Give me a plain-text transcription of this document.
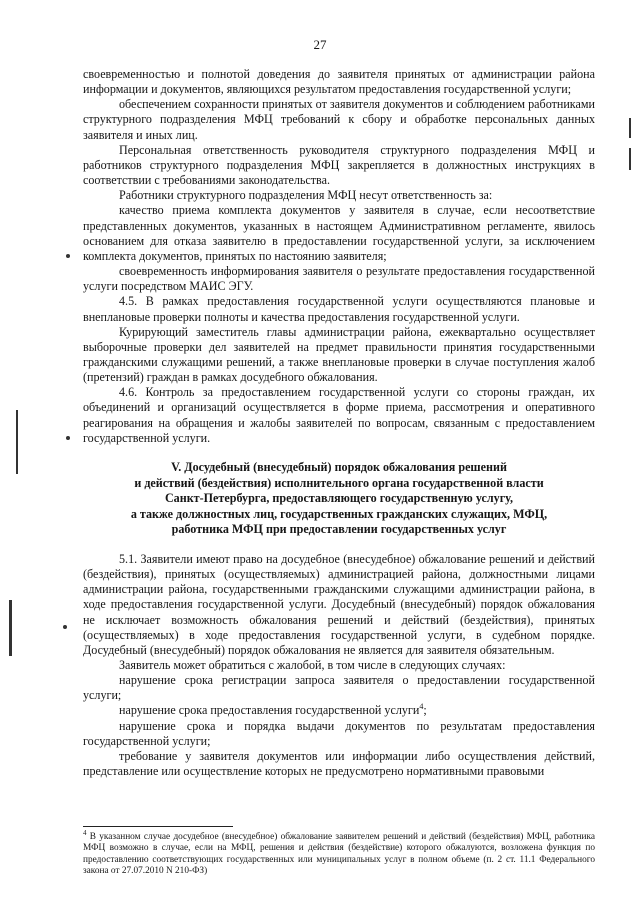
27

своевременностью и полнотой доведения до заявителя принятых от администрации района информации и документов, являющихся результатом предоставления государственной услуги;

обеспечением сохранности принятых от заявителя документов и соблюдением работниками структурного подразделения МФЦ требований к сбору и обработке персональных данных заявителя и иных лиц.

Персональная ответственность руководителя структурного подразделения МФЦ и работников структурного подразделения МФЦ закрепляется в должностных инструкциях в соответствии с требованиями законодательства.

Работники структурного подразделения МФЦ несут ответственность за:

качество приема комплекта документов у заявителя в случае, если несоответствие представленных документов, указанных в настоящем Административном регламенте, явилось основанием для отказа заявителю в предоставлении государственной услуги, за исключением комплекта документов, принятых по настоянию заявителя;

своевременность информирования заявителя о результате предоставления государственной услуги посредством МАИС ЭГУ.

4.5. В рамках предоставления государственной услуги осуществляются плановые и внеплановые проверки полноты и качества предоставления государственной услуги.

Курирующий заместитель главы администрации района, ежеквартально осуществляет выборочные проверки дел заявителей на предмет правильности принятия государственными гражданскими служащими решений, а также внеплановые проверки в случае поступления жалоб (претензий) граждан в рамках досудебного обжалования.

4.6. Контроль за предоставлением государственной услуги со стороны граждан, их объединений и организаций осуществляется в форме приема, рассмотрения и оперативного реагирования на обращения и жалобы заявителей по вопросам, связанным с предоставлением государственной услуги.

V. Досудебный (внесудебный) порядок обжалования решений
и действий (бездействия) исполнительного органа государственной власти
Санкт-Петербурга, предоставляющего государственную услугу,
а также должностных лиц, государственных гражданских служащих, МФЦ,
работника МФЦ при предоставлении государственных услуг

5.1. Заявители имеют право на досудебное (внесудебное) обжалование решений и действий (бездействия), принятых (осуществляемых) администрацией района, должностными лицами администрации района, государственными гражданскими служащими администрации района, в ходе предоставления государственной услуги. Досудебный (внесудебный) порядок обжалования не исключает возможность обжалования решений и действий (бездействия), принятых (осуществляемых) в ходе предоставления государственной услуги, в судебном порядке. Досудебный (внесудебный) порядок обжалования не является для заявителя обязательным.

Заявитель может обратиться с жалобой, в том числе в следующих случаях:

нарушение срока регистрации запроса заявителя о предоставлении государственной услуги;

нарушение срока предоставления государственной услуги$^4$;

нарушение срока и порядка выдачи документов по результатам предоставления государственной услуги;

требование у заявителя документов или информации либо осуществления действий, представление или осуществление которых не предусмотрено нормативными правовыми

$^4$ В указанном случае досудебное (внесудебное) обжалование заявителем решений и действий (бездействия) МФЦ, работника МФЦ возможно в случае, если на МФЦ, решения и действия (бездействие) которого обжалуются, возложена функция по предоставлению соответствующих государственных или муниципальных услуг в полном объеме (п. 2 ст. 11.1 Федерального закона от 27.07.2010 N 210-ФЗ)
